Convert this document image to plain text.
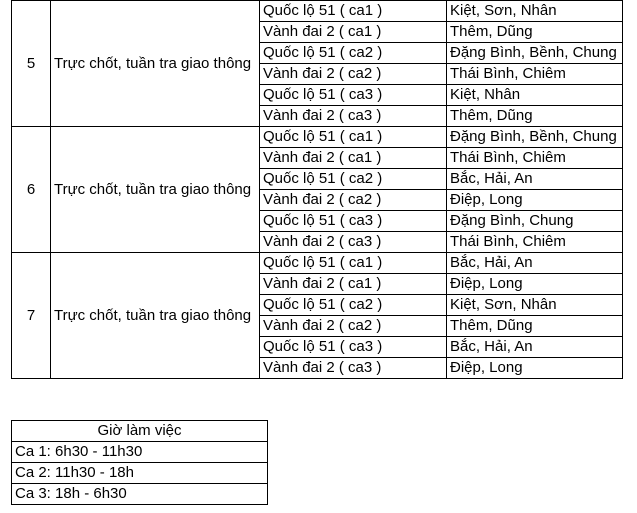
5	Trực chốt, tuần tra giao thông	Quốc lộ 51 ( ca1 )	Kiệt, Sơn, Nhân
		Vành đai 2 ( ca1 )	Thêm, Dũng
		Quốc lộ 51 ( ca2 )	Đặng Bình, Bềnh, Chung
		Vành đai 2 ( ca2 )	Thái Bình, Chiêm
		Quốc lộ 51 ( ca3 )	Kiệt, Nhân
		Vành đai 2 ( ca3 )	Thêm, Dũng
6	Trực chốt, tuần tra giao thông	Quốc lộ 51 ( ca1 )	Đặng Bình, Bềnh, Chung
		Vành đai 2 ( ca1 )	Thái Bình, Chiêm
		Quốc lộ 51 ( ca2 )	Bắc, Hải, An
		Vành đai 2 ( ca2 )	Điệp, Long
		Quốc lộ 51 ( ca3 )	Đặng Bình, Chung
		Vành đai 2 ( ca3 )	Thái Bình, Chiêm
7	Trực chốt, tuần tra giao thông	Quốc lộ 51 ( ca1 )	Bắc, Hải, An
		Vành đai 2 ( ca1 )	Điệp, Long
		Quốc lộ 51 ( ca2 )	Kiệt, Sơn, Nhân
		Vành đai 2 ( ca2 )	Thêm, Dũng
		Quốc lộ 51 ( ca3 )	Bắc, Hải, An
		Vành đai 2 ( ca3 )	Điệp, Long
Giờ làm việc
Ca 1: 6h30 - 11h30
Ca 2: 11h30 - 18h
Ca 3: 18h - 6h30
